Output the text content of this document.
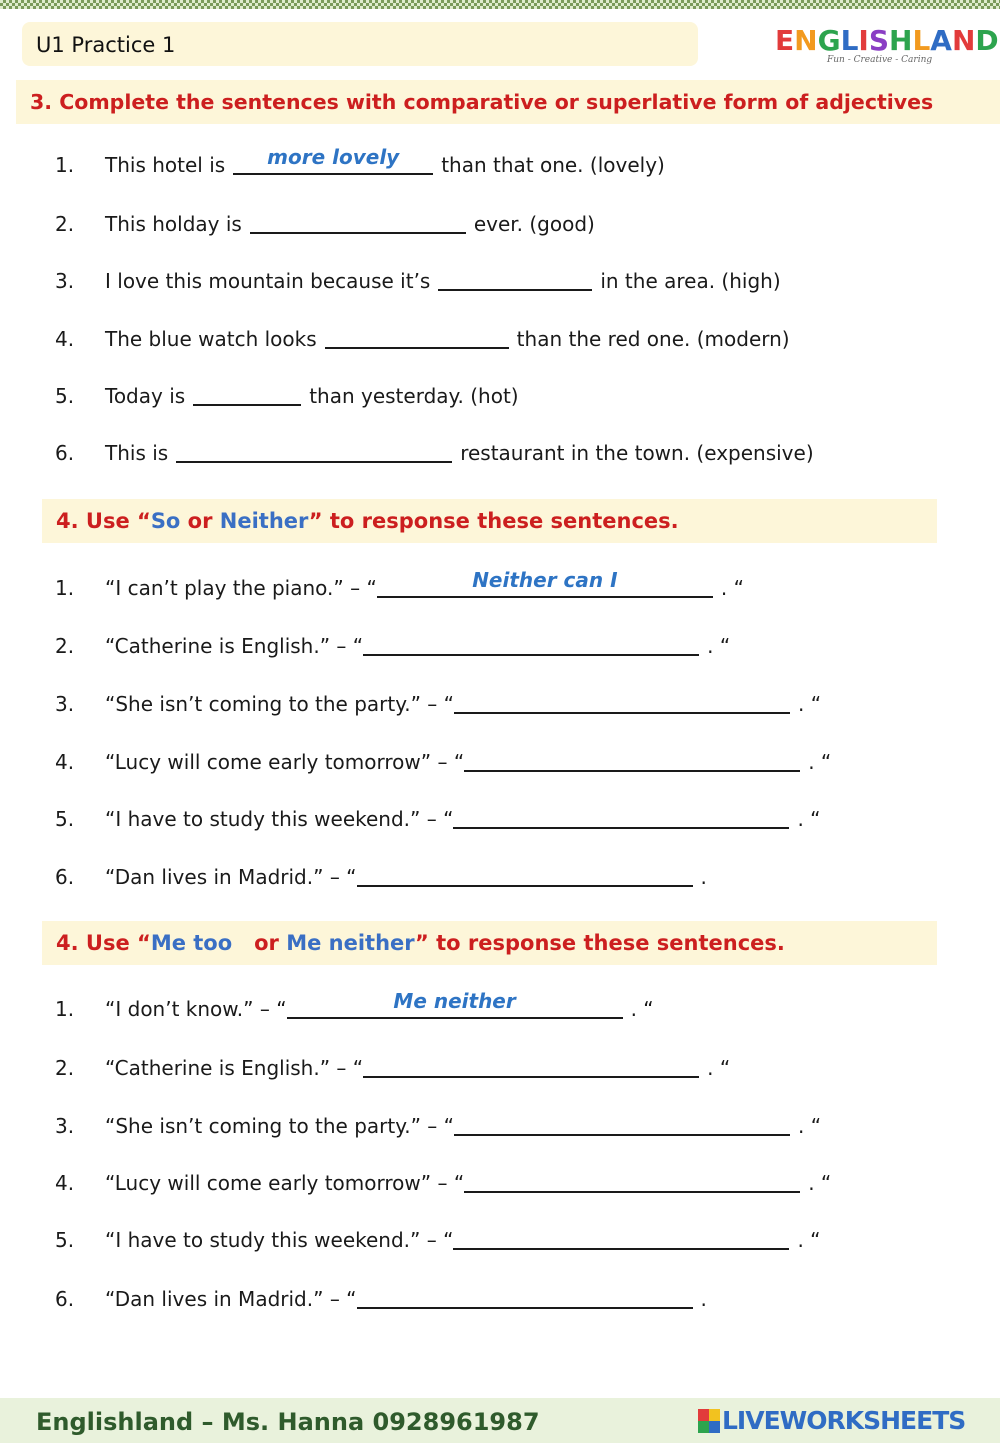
U1 Practice 1	ENGLISHLAND
Fun - Creative - Caring
3. Complete the sentences with comparative or superlative form of adjectives
1. This hotel is	more lovely	than that one. (lovely)
2. This holday is	ever. (good)
3. I love this mountain because it’s	in the area. (high)
4. The blue watch looks	than the red one. (modern)
5. Today is	than yesterday. (hot)
6. This is	restaurant in the town. (expensive)
4. Use “So or Neither” to response these sentences.
1. “I can’t play the piano.” – “	Neither can I	. “
2. “Catherine is English.” – “	. “
3. “She isn’t coming to the party.” – “	. “
4. “Lucy will come early tomorrow” – “	. “
5. “I have to study this weekend.” – “	. “
6. “Dan lives in Madrid.” – “	.
4. Use “Me too   or Me neither” to response these sentences.
1. “I don’t know.” – “	Me neither	. “
2. “Catherine is English.” – “	. “
3. “She isn’t coming to the party.” – “	. “
4. “Lucy will come early tomorrow” – “	. “
5. “I have to study this weekend.” – “	. “
6. “Dan lives in Madrid.” – “	.
Englishland – Ms. Hanna 0928961987	LIVEWORKSHEETS
